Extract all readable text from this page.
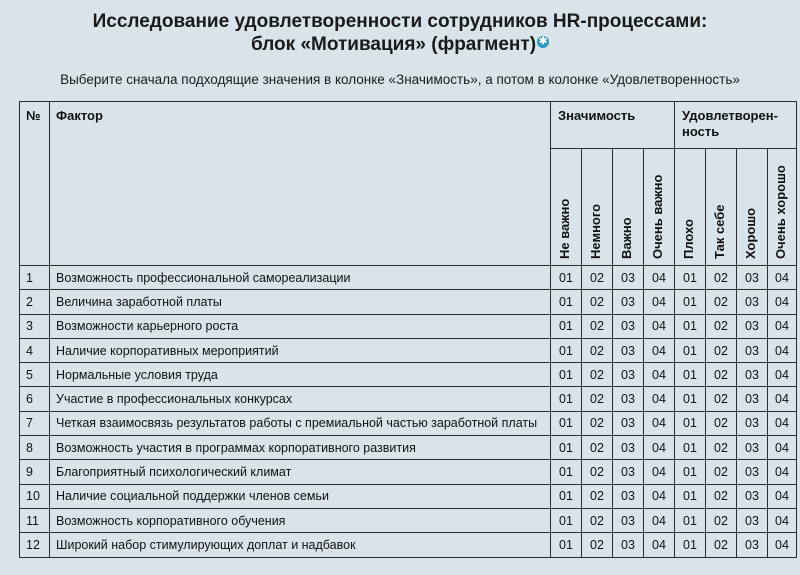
Исследование удовлетворенности сотрудников HR-процессами:
блок «Мотивация» (фрагмент) ✱
Выберите сначала подходящие значения в колонке «Значимость», а потом в колонке «Удовлетворенность»
№	Фактор	Значимость				Удовлетворен-ность			

		Не важно	Немного	Важно	Очень важно	Плохо	Так себе	Хорошо	Очень хорошо

1	Возможность профессиональной самореализации	01	02	03	04	01	02	03	04
2	Величина заработной платы	01	02	03	04	01	02	03	04
3	Возможности карьерного роста	01	02	03	04	01	02	03	04
4	Наличие корпоративных мероприятий	01	02	03	04	01	02	03	04
5	Нормальные условия труда	01	02	03	04	01	02	03	04
6	Участие в профессиональных конкурсах	01	02	03	04	01	02	03	04
7	Четкая взаимосвязь результатов работы с премиальной частью заработной платы	01	02	03	04	01	02	03	04
8	Возможность участия в программах корпоративного развития	01	02	03	04	01	02	03	04
9	Благоприятный психологический климат	01	02	03	04	01	02	03	04
10	Наличие социальной поддержки членов семьи	01	02	03	04	01	02	03	04
11	Возможность корпоративного обучения	01	02	03	04	01	02	03	04
12	Широкий набор стимулирующих доплат и надбавок	01	02	03	04	01	02	03	04
